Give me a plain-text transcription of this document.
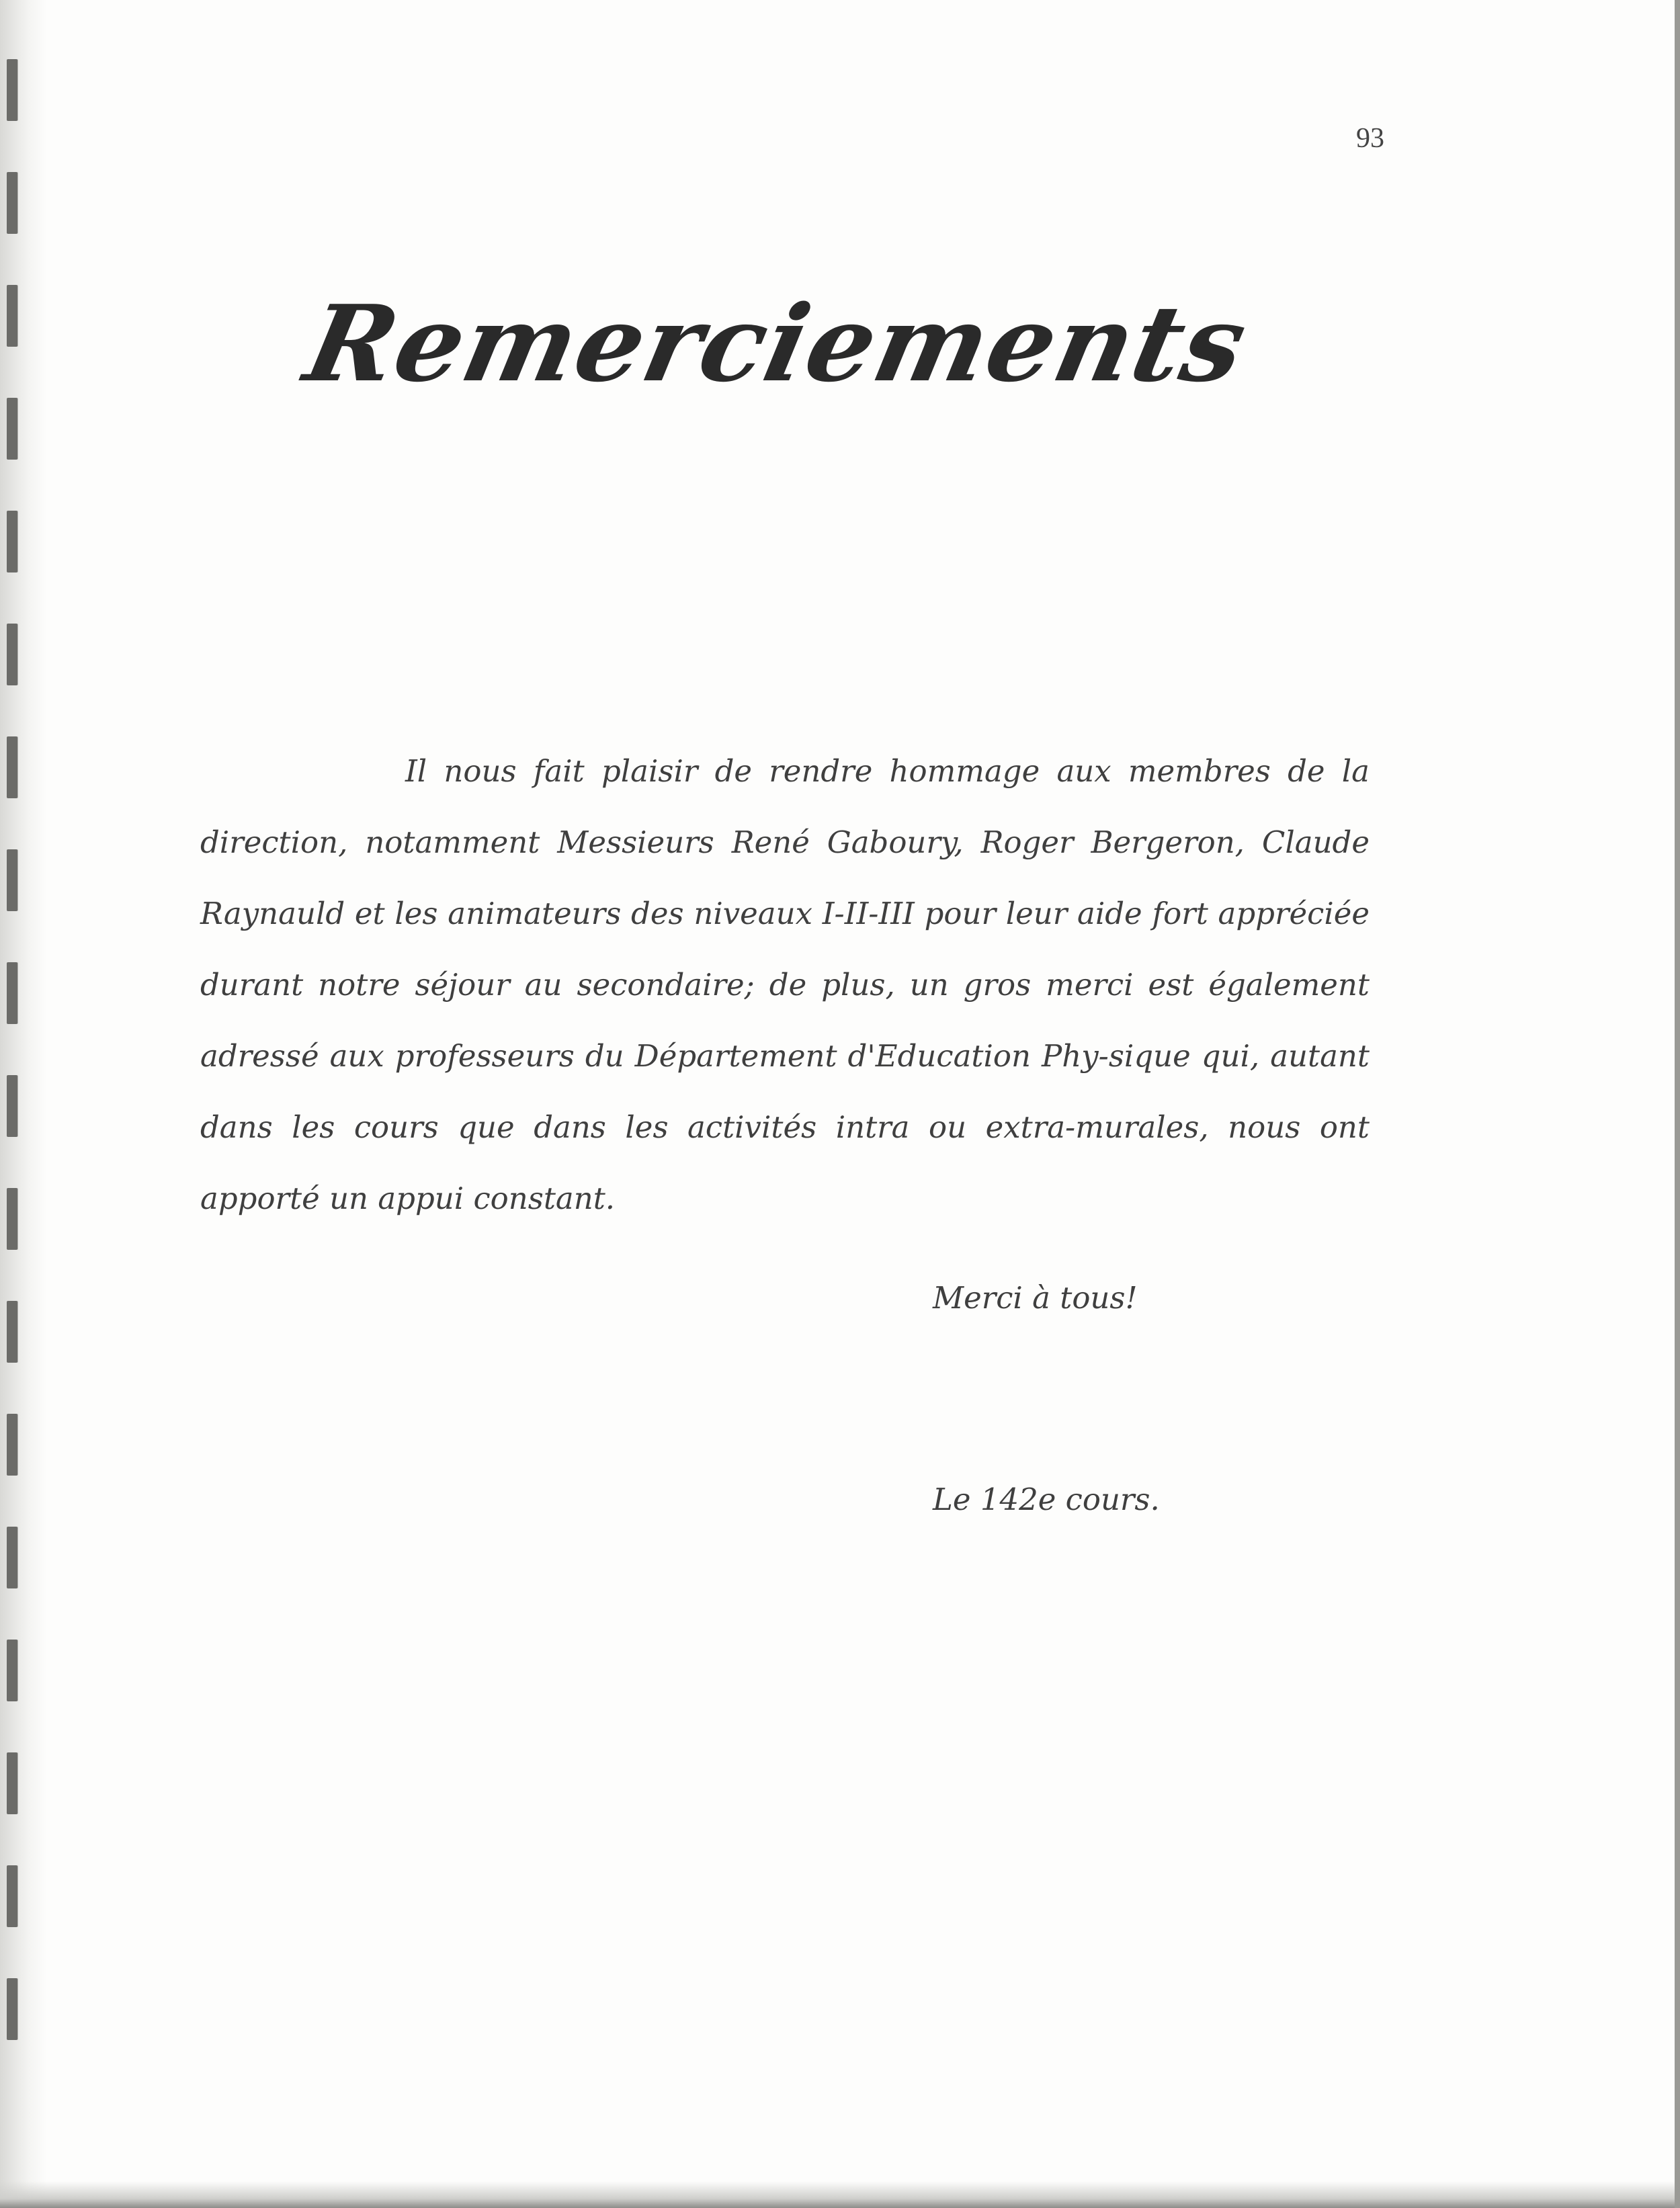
93
Remerciements

Il nous fait plaisir de rendre hommage aux membres de la direction, notamment Messieurs René Gaboury, Roger Bergeron, Claude Raynauld et les animateurs des niveaux I-II-III pour leur aide fort appréciée durant notre séjour au secondaire; de plus, un gros merci est également adressé aux professeurs du Département d'Education Phy-sique qui, autant dans les cours que dans les activités intra ou extra-murales, nous ont apporté un appui constant.

Merci à tous!

Le 142e cours.
